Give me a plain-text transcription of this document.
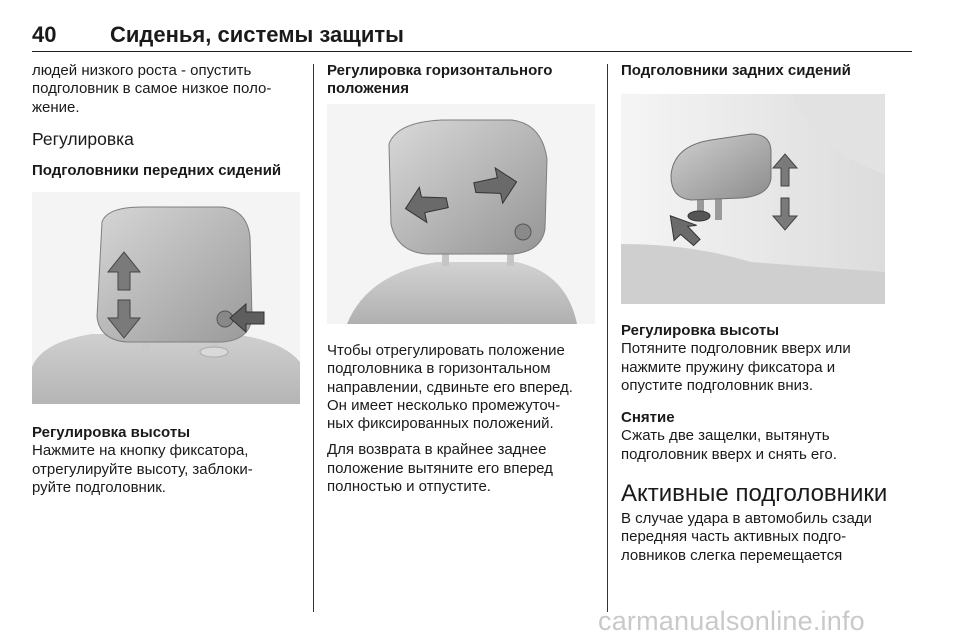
40 Сиденья, системы защиты
людей низкого роста - опустить
подголовник в самое низкое поло-
жение.
Регулировка
Подголовники передних сидений
Регулировка высоты
Нажмите на кнопку фиксатора,
отрегулируйте высоту, заблоки-
руйте подголовник.
Регулировка горизонтального
положения
Чтобы отрегулировать положение
подголовника в горизонтальном
направлении, сдвиньте его вперед.
Он имеет несколько промежуточ-
ных фиксированных положений.
Для возврата в крайнее заднее
положение вытяните его вперед
полностью и отпустите.
Подголовники задних сидений
Регулировка высоты
Потяните подголовник вверх или
нажмите пружину фиксатора и
опустите подголовник вниз.
Снятие
Сжать две защелки, вытянуть
подголовник вверх и снять его.
Активные подголовники
В случае удара в автомобиль сзади
передняя часть активных подго-
ловников слегка перемещается
carmanualsonline.info
